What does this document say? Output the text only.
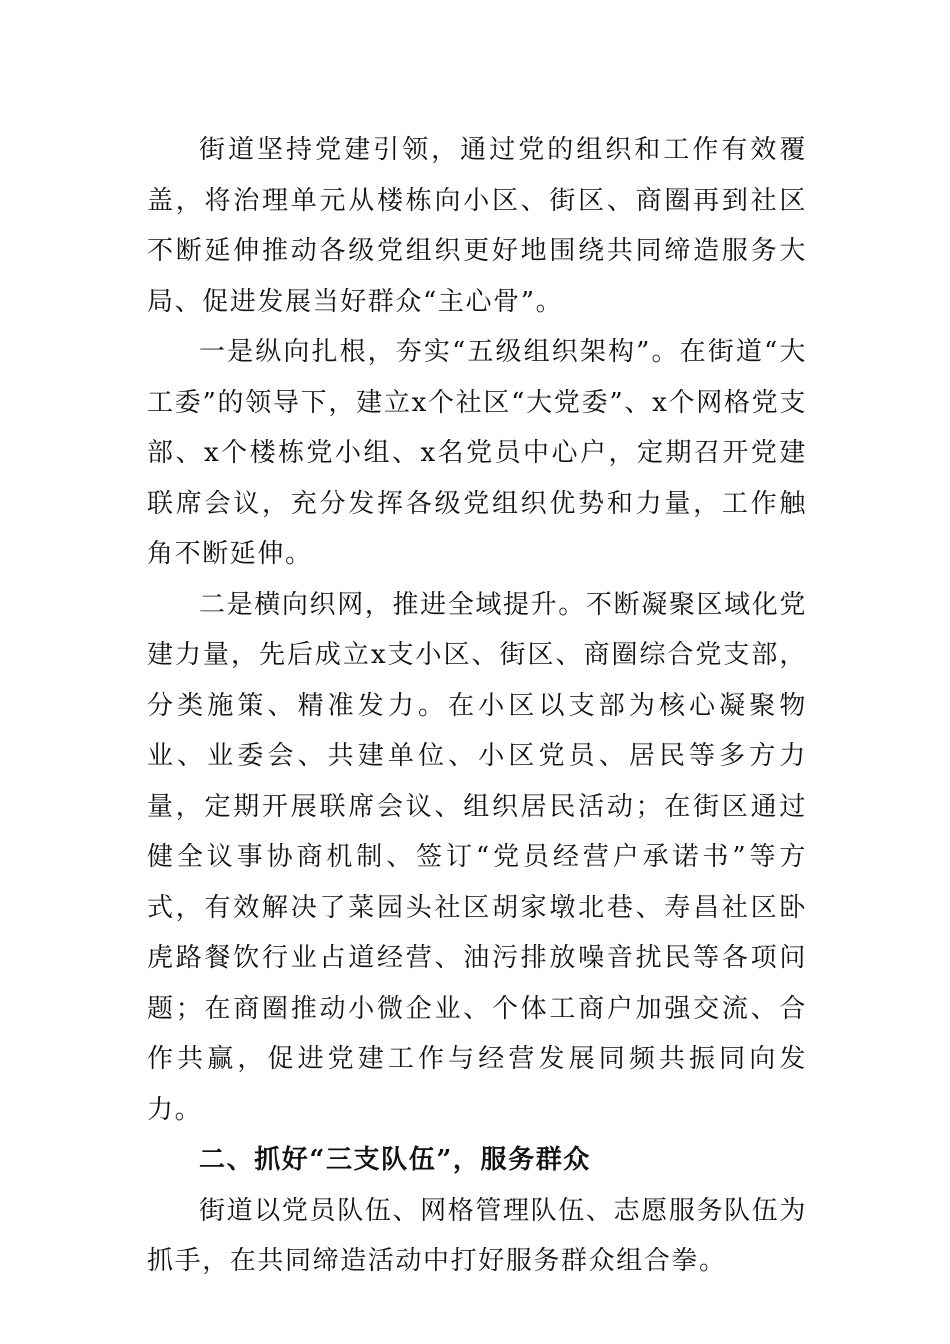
街道坚持党建引领，通过党的组织和工作有效覆盖，将治理单元从楼栋向小区、街区、商圈再到社区不断延伸推动各级党组织更好地围绕共同缔造服务大局、促进发展当好群众“主心骨”。

一是纵向扎根，夯实“五级组织架构”。在街道“大工委”的领导下，建立x个社区“大党委”、x个网格党支部、x个楼栋党小组、x名党员中心户，定期召开党建联席会议，充分发挥各级党组织优势和力量，工作触角不断延伸。

二是横向织网，推进全域提升。不断凝聚区域化党建力量，先后成立x支小区、街区、商圈综合党支部，分类施策、精准发力。在小区以支部为核心凝聚物业、业委会、共建单位、小区党员、居民等多方力量，定期开展联席会议、组织居民活动；在街区通过健全议事协商机制、签订“党员经营户承诺书”等方式，有效解决了菜园头社区胡家墩北巷、寿昌社区卧虎路餐饮行业占道经营、油污排放噪音扰民等各项问题；在商圈推动小微企业、个体工商户加强交流、合作共赢，促进党建工作与经营发展同频共振同向发力。

二、抓好“三支队伍”，服务群众

街道以党员队伍、网格管理队伍、志愿服务队伍为抓手，在共同缔造活动中打好服务群众组合拳。
